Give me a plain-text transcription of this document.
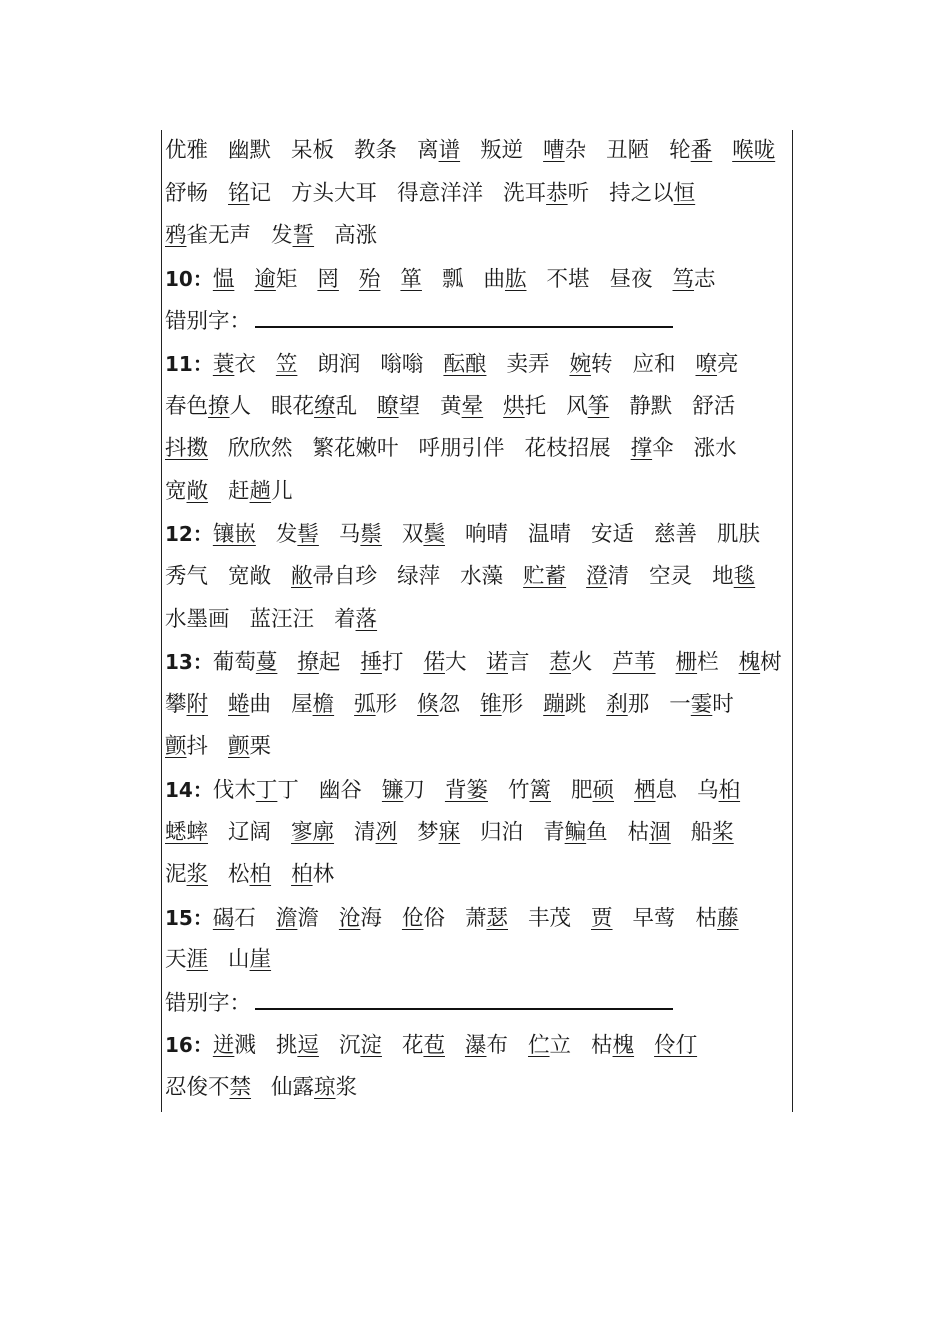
优雅 幽默 呆板 教条 离谱 叛逆 嘈杂 丑陋 轮番 喉咙
舒畅 铭记 方头大耳 得意洋洋 洗耳恭听 持之以恒
鸦雀无声 发誓 高涨
10：愠 逾矩 罔 殆 箪 瓢 曲肱 不堪 昼夜 笃志
错别字：
11：蓑衣 笠 朗润 嗡嗡 酝酿 卖弄 婉转 应和 嘹亮
春色撩人 眼花缭乱 瞭望 黄晕 烘托 风筝 静默 舒活
抖擞 欣欣然 繁花嫩叶 呼朋引伴 花枝招展 撑伞 涨水
宽敞 赶趟儿
12：镶嵌 发髻 马鬃 双鬓 响晴 温晴 安适 慈善 肌肤
秀气 宽敞 敝帚自珍 绿萍 水藻 贮蓄 澄清 空灵 地毯
水墨画 蓝汪汪 着落
13：葡萄蔓 撩起 捶打 偌大 诺言 惹火 芦苇 栅栏 槐树
攀附 蜷曲 屋檐 弧形 倏忽 锥形 蹦跳 刹那 一霎时
颤抖 颤栗
14：伐木丁丁 幽谷 镰刀 背篓 竹篱 肥硕 栖息 乌桕
蟋蟀 辽阔 寥廓 清冽 梦寐 归泊 青鳊鱼 枯涸 船桨
泥浆 松柏 柏林
15：碣石 澹澹 沧海 伧俗 萧瑟 丰茂 贾 早莺 枯藤
天涯 山崖
错别字：
16：迸溅 挑逗 沉淀 花苞 瀑布 伫立 枯槐 伶仃
忍俊不禁 仙露琼浆
